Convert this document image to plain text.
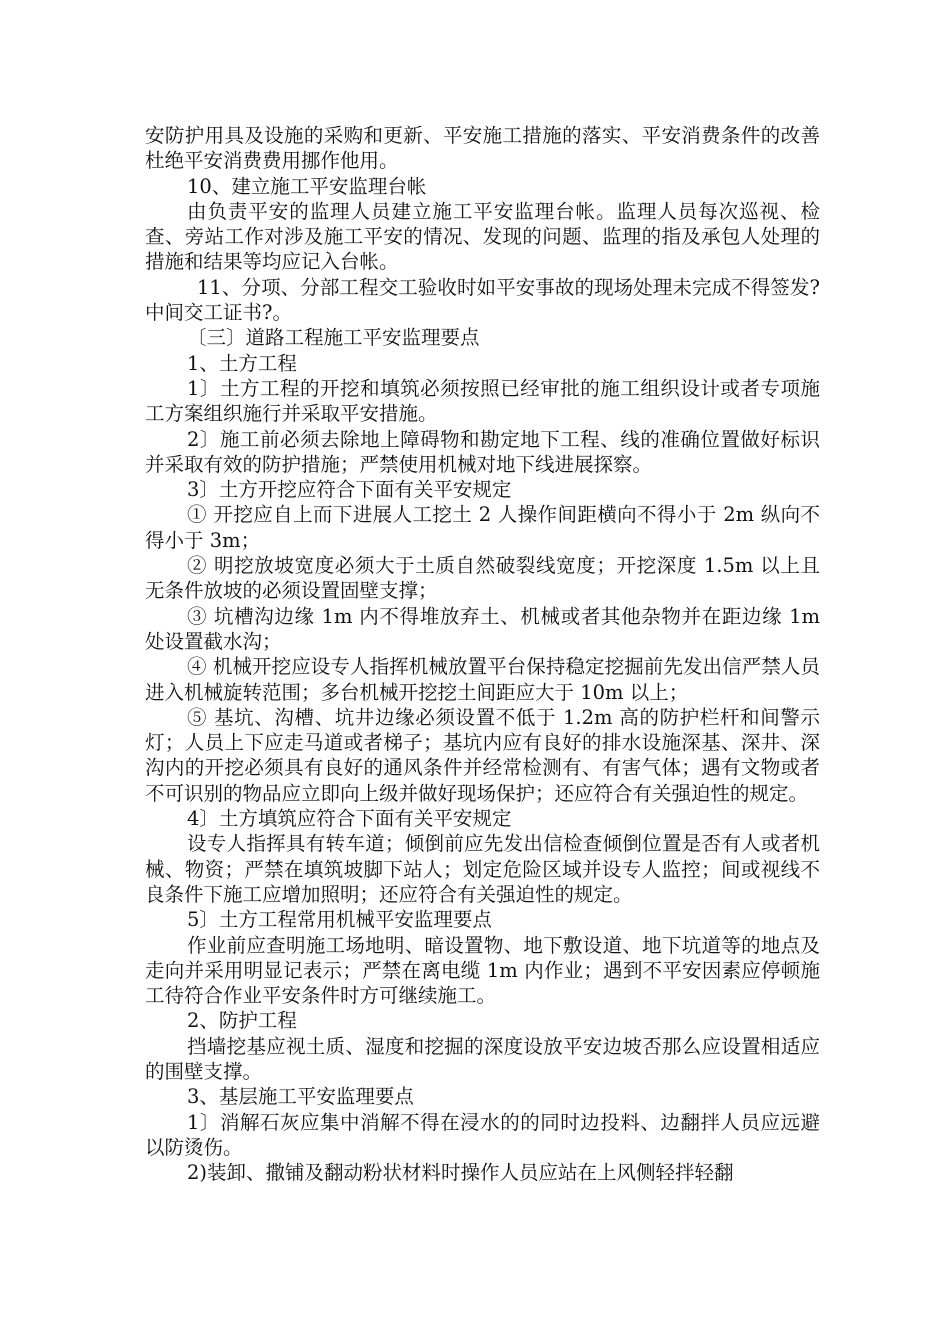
安防护用具及设施的采购和更新、平安施工措施的落实、平安消费条件的改善杜绝平安消费费用挪作他用。

10、建立施工平安监理台帐

由负责平安的监理人员建立施工平安监理台帐。监理人员每次巡视、检查、旁站工作对涉及施工平安的情况、发现的问题、监理的指及承包人处理的措施和结果等均应记入台帐。

11、分项、分部工程交工验收时如平安事故的现场处理未完成不得签发?中间交工证书?。

〔三〕道路工程施工平安监理要点

1、土方工程

1〕土方工程的开挖和填筑必须按照已经审批的施工组织设计或者专项施工方案组织施行并采取平安措施。

2〕施工前必须去除地上障碍物和勘定地下工程、线的准确位置做好标识并采取有效的防护措施；严禁使用机械对地下线进展探察。

3〕土方开挖应符合下面有关平安规定

① 开挖应自上而下进展人工挖土 2 人操作间距横向不得小于 2m 纵向不得小于 3m；

② 明挖放坡宽度必须大于土质自然破裂线宽度；开挖深度 1.5m 以上且无条件放坡的必须设置固壁支撑；

③ 坑槽沟边缘 1m 内不得堆放弃土、机械或者其他杂物并在距边缘 1m 处设置截水沟；

④ 机械开挖应设专人指挥机械放置平台保持稳定挖掘前先发出信严禁人员进入机械旋转范围；多台机械开挖挖土间距应大于 10m 以上；

⑤ 基坑、沟槽、坑井边缘必须设置不低于 1.2m 高的防护栏杆和间警示灯；人员上下应走马道或者梯子；基坑内应有良好的排水设施深基、深井、深沟内的开挖必须具有良好的通风条件并经常检测有、有害气体；遇有文物或者不可识别的物品应立即向上级并做好现场保护；还应符合有关强迫性的规定。

4〕土方填筑应符合下面有关平安规定

设专人指挥具有转车道；倾倒前应先发出信检查倾倒位置是否有人或者机械、物资；严禁在填筑坡脚下站人；划定危险区域并设专人监控；间或视线不良条件下施工应增加照明；还应符合有关强迫性的规定。

5〕土方工程常用机械平安监理要点

作业前应查明施工场地明、暗设置物、地下敷设道、地下坑道等的地点及走向并采用明显记表示；严禁在离电缆 1m 内作业；遇到不平安因素应停顿施工待符合作业平安条件时方可继续施工。

2、防护工程

挡墙挖基应视土质、湿度和挖掘的深度设放平安边坡否那么应设置相适应的围壁支撑。

3、基层施工平安监理要点

1〕消解石灰应集中消解不得在浸水的的同时边投料、边翻拌人员应远避以防烫伤。

2)装卸、撒铺及翻动粉状材料时操作人员应站在上风侧轻拌轻翻
